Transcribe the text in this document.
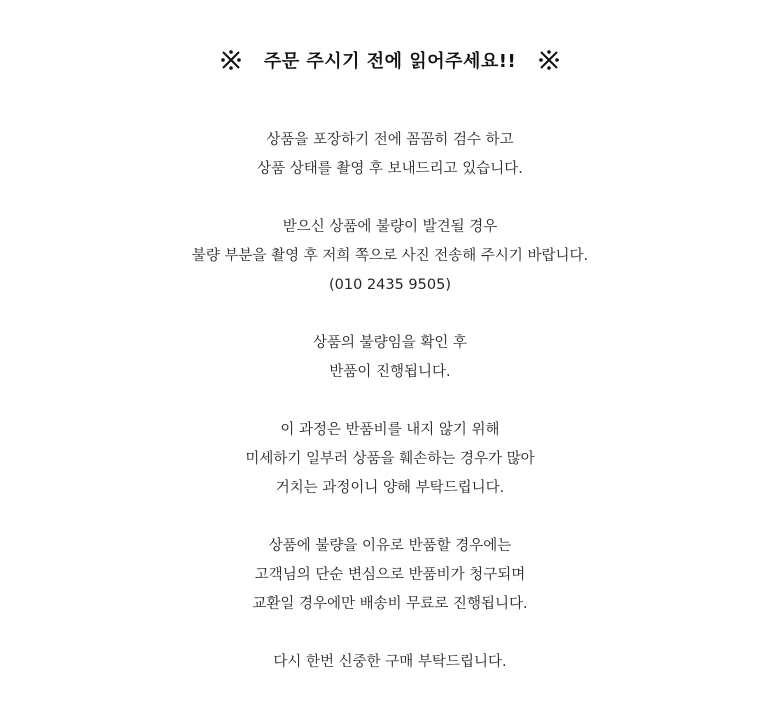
주문 주시기 전에 읽어주세요!!
상품을 포장하기 전에 꼼꼼히 검수 하고
상품 상태를 촬영 후 보내드리고 있습니다.
받으신 상품에 불량이 발견될 경우
불량 부분을 촬영 후 저희 쪽으로 사진 전송해 주시기 바랍니다.
(010 2435 9505)
상품의 불량임을 확인 후
반품이 진행됩니다.
이 과정은 반품비를 내지 않기 위해
미세하기 일부러 상품을 훼손하는 경우가 많아
거치는 과정이니 양해 부탁드립니다.
상품에 불량을 이유로 반품할 경우에는
고객님의 단순 변심으로 반품비가 청구되며
교환일 경우에만 배송비 무료로 진행됩니다.
다시 한번 신중한 구매 부탁드립니다.
